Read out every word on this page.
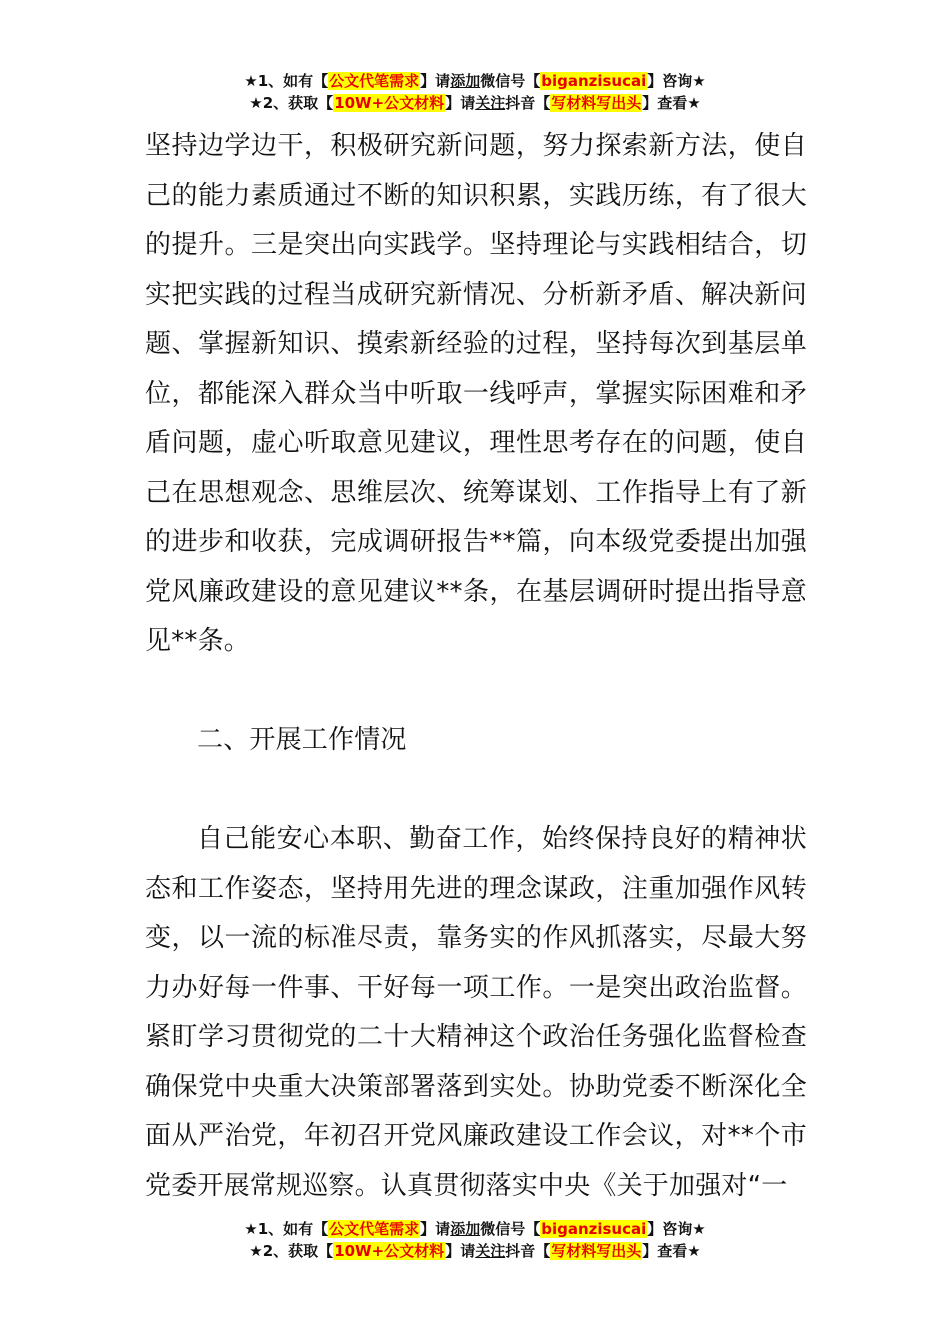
★1、如有【公文代笔需求】请添加微信号【biganzisucai】咨询★
★2、获取【10W+公文材料】请关注抖音【写材料写出头】查看★

坚持边学边干，积极研究新问题，努力探索新方法，使自己的能力素质通过不断的知识积累，实践历练，有了很大的提升。三是突出向实践学。坚持理论与实践相结合，切实把实践的过程当成研究新情况、分析新矛盾、解决新问题、掌握新知识、摸索新经验的过程，坚持每次到基层单位，都能深入群众当中听取一线呼声，掌握实际困难和矛盾问题，虚心听取意见建议，理性思考存在的问题，使自己在思想观念、思维层次、统筹谋划、工作指导上有了新的进步和收获，完成调研报告**篇，向本级党委提出加强党风廉政建设的意见建议**条，在基层调研时提出指导意见**条。

二、开展工作情况

自己能安心本职、勤奋工作，始终保持良好的精神状态和工作姿态，坚持用先进的理念谋政，注重加强作风转变，以一流的标准尽责，靠务实的作风抓落实，尽最大努力办好每一件事、干好每一项工作。一是突出政治监督。紧盯学习贯彻党的二十大精神这个政治任务强化监督检查确保党中央重大决策部署落到实处。协助党委不断深化全面从严治党，年初召开党风廉政建设工作会议，对**个市党委开展常规巡察。认真贯彻落实中央《关于加强对“一

★1、如有【公文代笔需求】请添加微信号【biganzisucai】咨询★
★2、获取【10W+公文材料】请关注抖音【写材料写出头】查看★
